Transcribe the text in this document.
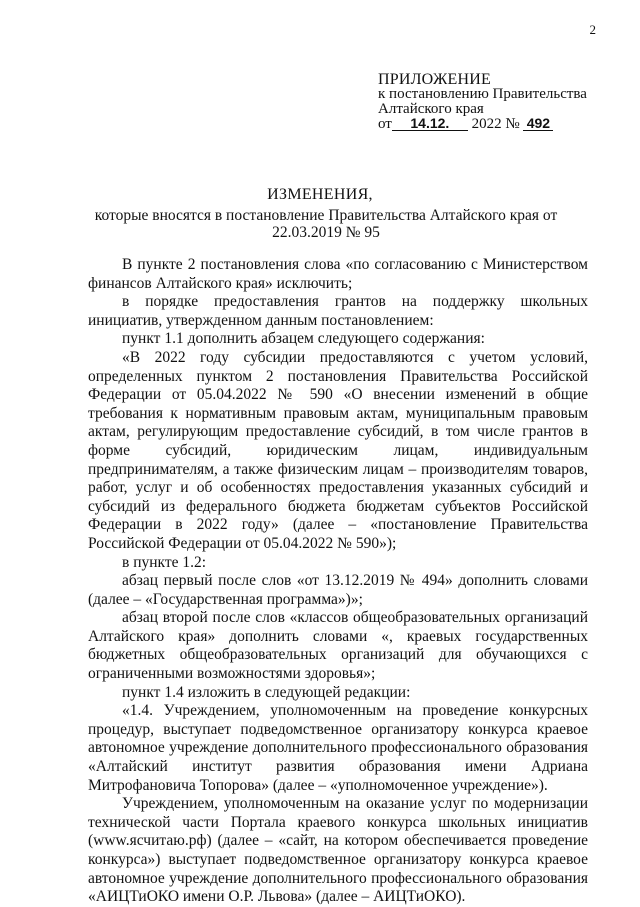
2
ПРИЛОЖЕНИЕ
к постановлению Правительства
Алтайского края
от 14.12. 2022 № 492
ИЗМЕНЕНИЯ,
которые вносятся в постановление Правительства Алтайского края от 22.03.2019 № 95

В пункте 2 постановления слова «по согласованию с Министерством финансов Алтайского края» исключить;

в порядке предоставления грантов на поддержку школьных инициатив, утвержденном данным постановлением:

пункт 1.1 дополнить абзацем следующего содержания:

«В 2022 году субсидии предоставляются с учетом условий, определенных пунктом 2 постановления Правительства Российской Федерации от 05.04.2022 № 590 «О внесении изменений в общие требования к нормативным правовым актам, муниципальным правовым актам, регулирующим предоставление субсидий, в том числе грантов в форме субсидий, юридическим лицам, индивидуальным предпринимателям, а также физическим лицам – производителям товаров, работ, услуг и об особенностях предоставления указанных субсидий и субсидий из федерального бюджета бюджетам субъектов Российской Федерации в 2022 году» (далее – «постановление Правительства Российской Федерации от 05.04.2022 № 590»);

в пункте 1.2:

абзац первый после слов «от 13.12.2019 № 494» дополнить словами (далее – «Государственная программа»)»;

абзац второй после слов «классов общеобразовательных организаций Алтайского края» дополнить словами «, краевых государственных бюджетных общеобразовательных организаций для обучающихся с ограниченными возможностями здоровья»;

пункт 1.4 изложить в следующей редакции:

«1.4. Учреждением, уполномоченным на проведение конкурсных процедур, выступает подведомственное организатору конкурса краевое автономное учреждение дополнительного профессионального образования «Алтайский институт развития образования имени Адриана Митрофановича Топорова» (далее – «уполномоченное учреждение»).

Учреждением, уполномоченным на оказание услуг по модернизации технической части Портала краевого конкурса школьных инициатив (www.ясчитаю.рф) (далее – «сайт, на котором обеспечивается проведение конкурса») выступает подведомственное организатору конкурса краевое автономное учреждение дополнительного профессионального образования «АИЦТиОКО имени О.Р. Львова» (далее – АИЦТиОКО).
